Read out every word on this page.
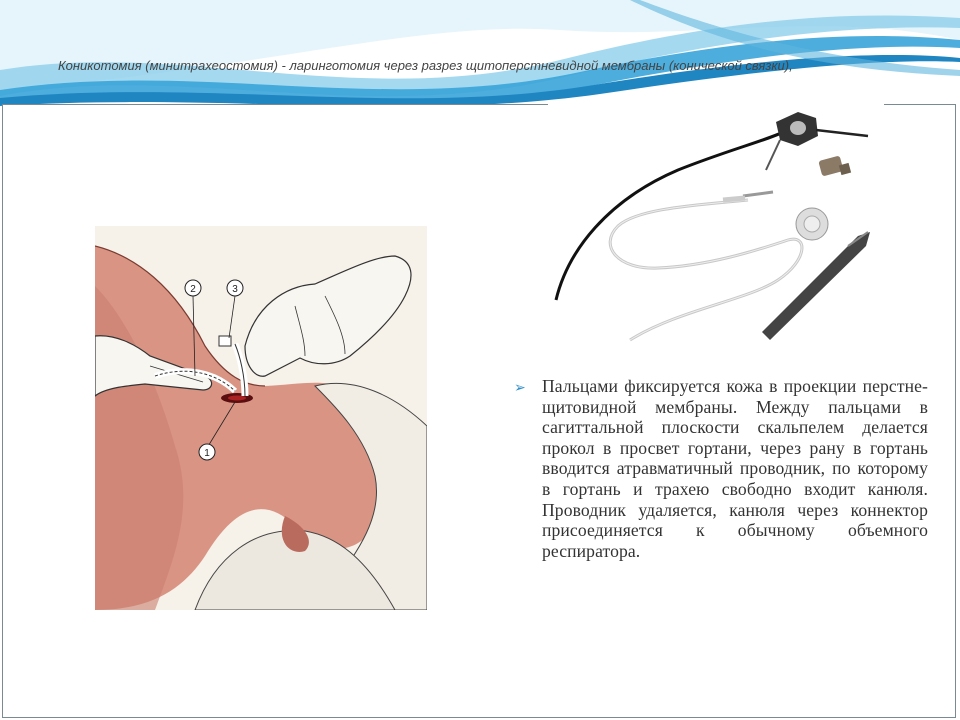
Коникотомия (минитрахеостомия) - ларинготомия через разрез щитоперстневидной мембраны (конической связки),
2	3
1
➢ Пальцами фиксируется кожа в проекции перстне-щитовидной мембраны. Между пальцами в сагиттальной плоскости скальпелем делается прокол в просвет гортани, через рану в гортань вводится атравматичный проводник, по которому в гортань и трахею свободно входит канюля. Проводник удаляется, канюля через коннектор присоединяется к обычному объемного респиратора.
